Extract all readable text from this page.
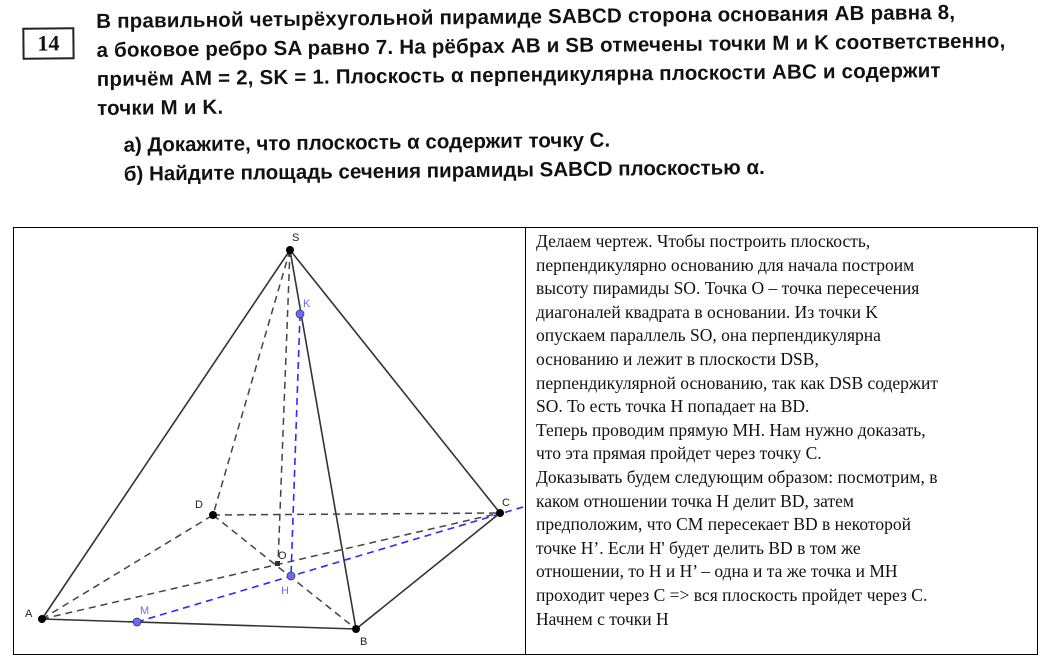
14
В правильной четырёхугольной пирамиде SABCD сторона основания AB равна 8,
а боковое ребро SA равно 7. На рёбрах AB и SB отмечены точки M и K соответственно,
причём AM = 2, SK = 1. Плоскость α перпендикулярна плоскости ABC и содержит
точки M и K.
а) Докажите, что плоскость α содержит точку C.
б) Найдите площадь сечения пирамиды SABCD плоскостью α.
S
D	C
O
A
B
K
H
M

Делаем чертеж. Чтобы построить плоскость,
перпендикулярно основанию для начала построим
высоту пирамиды SO. Точка O – точка пересечения
диагоналей квадрата в основании. Из точки K
опускаем параллель SO, она перпендикулярна
основанию и лежит в плоскости DSB,
перпендикулярной основанию, так как DSB содержит
SO. То есть точка H попадает на BD.
Теперь проводим прямую MH. Нам нужно доказать,
что эта прямая пройдет через точку C.
Доказывать будем следующим образом: посмотрим, в
каком отношении точка H делит BD, затем
предположим, что CM пересекает BD в некоторой
точке H’. Если H' будет делить BD в том же
отношении, то H и H’ – одна и та же точка и MH
проходит через C => вся плоскость пройдет через C.
Начнем с точки H
